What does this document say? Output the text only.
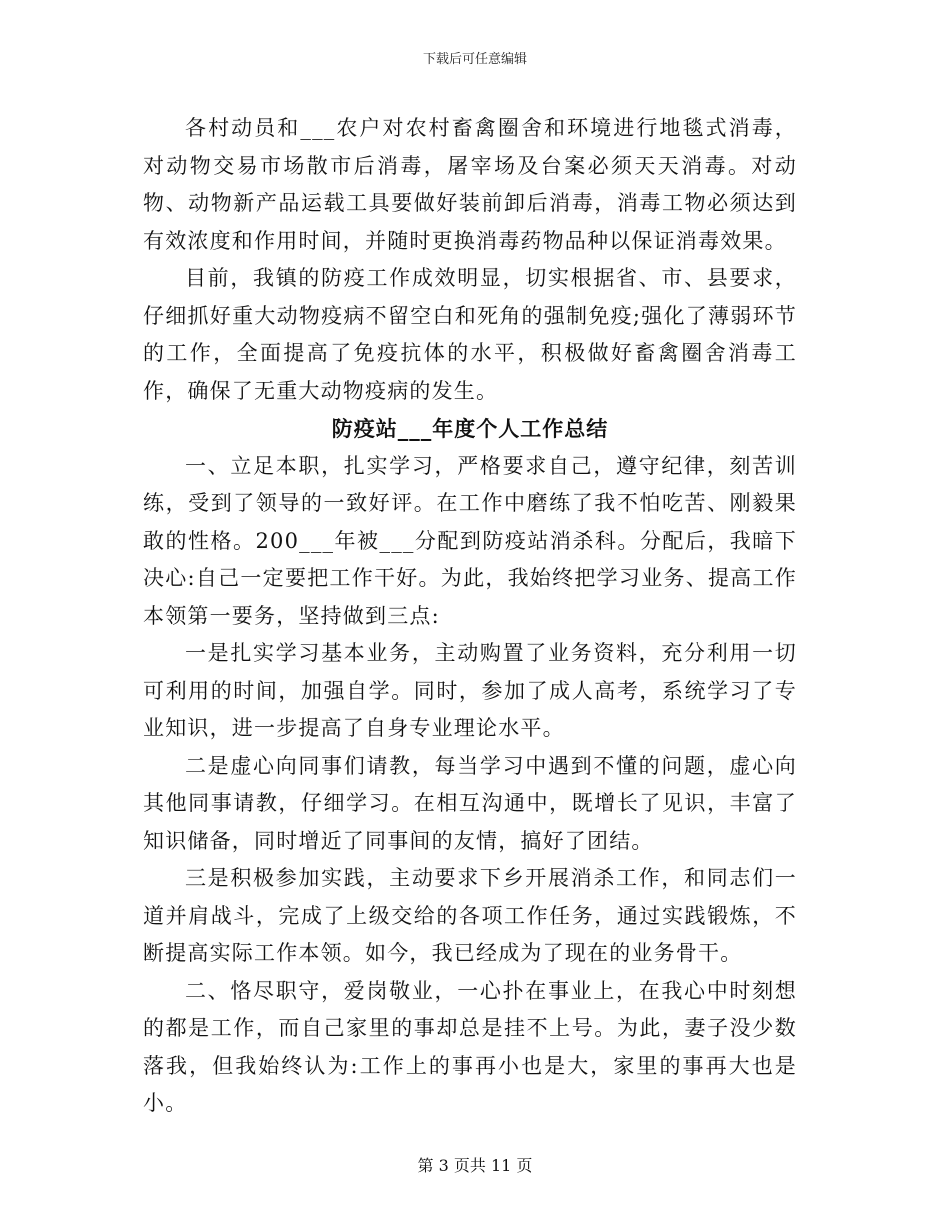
下载后可任意编辑

各村动员和___农户对农村畜禽圈舍和环境进行地毯式消毒，对动物交易市场散市后消毒，屠宰场及台案必须天天消毒。对动物、动物新产品运载工具要做好装前卸后消毒，消毒工物必须达到有效浓度和作用时间，并随时更换消毒药物品种以保证消毒效果。

目前，我镇的防疫工作成效明显，切实根据省、市、县要求，仔细抓好重大动物疫病不留空白和死角的强制免疫;强化了薄弱环节的工作，全面提高了免疫抗体的水平，积极做好畜禽圈舍消毒工作，确保了无重大动物疫病的发生。

防疫站___年度个人工作总结

一、立足本职，扎实学习，严格要求自己，遵守纪律，刻苦训练，受到了领导的一致好评。在工作中磨练了我不怕吃苦、刚毅果敢的性格。200___年被___分配到防疫站消杀科。分配后，我暗下决心:自己一定要把工作干好。为此，我始终把学习业务、提高工作本领第一要务，坚持做到三点:

一是扎实学习基本业务，主动购置了业务资料，充分利用一切可利用的时间，加强自学。同时，参加了成人高考，系统学习了专业知识，进一步提高了自身专业理论水平。

二是虚心向同事们请教，每当学习中遇到不懂的问题，虚心向其他同事请教，仔细学习。在相互沟通中，既增长了见识，丰富了知识储备，同时增近了同事间的友情，搞好了团结。

三是积极参加实践，主动要求下乡开展消杀工作，和同志们一道并肩战斗，完成了上级交给的各项工作任务，通过实践锻炼，不断提高实际工作本领。如今，我已经成为了现在的业务骨干。

二、恪尽职守，爱岗敬业，一心扑在事业上，在我心中时刻想的都是工作，而自己家里的事却总是挂不上号。为此，妻子没少数落我，但我始终认为:工作上的事再小也是大，家里的事再大也是小。

第 3 页共 11 页
